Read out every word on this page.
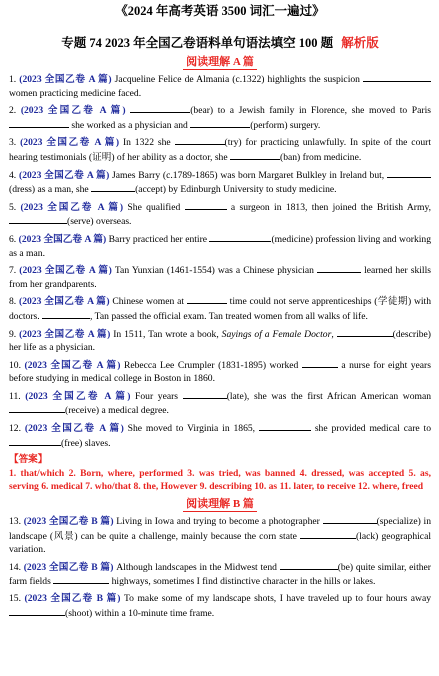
《2024 年高考英语 3500 词汇一遍过》
专题 74 2023 年全国乙卷语料单句语法填空 100 题 解析版
阅读理解 A 篇

1. (2023 全国乙卷 A 篇) Jacqueline Felice de Almania (c.1322) highlights the suspicion  women practicing medicine faced.

2. (2023 全国乙卷 A 篇)	(bear) to a Jewish family in Florence, she moved to Paris  she worked as a physician and	(perform) surgery.

3. (2023 全国乙卷 A 篇) In 1322 she	(try) for practicing unlawfully. In spite of the court hearing testimonials (证明) of her ability as a doctor, she	(ban) from medicine.

4. (2023 全国乙卷 A 篇) James Barry (c.1789-1865) was born Margaret Bulkley in Ireland but, (dress) as a man, she	(accept) by Edinburgh University to study medicine.

5. (2023 全国乙卷 A 篇) She qualified	a surgeon in 1813, then joined the British Army, (serve) overseas.

6. (2023 全国乙卷 A 篇) Barry practiced her entire	(medicine) profession living and working as a man.

7. (2023 全国乙卷 A 篇) Tan Yunxian (1461-1554) was a Chinese physician	learned her skills from her grandparents.

8. (2023 全国乙卷 A 篇) Chinese women at	time could not serve apprenticeships (学徒期) with doctors.	, Tan passed the official exam. Tan treated women from all walks of life.

9. (2023 全国乙卷 A 篇) In 1511, Tan wrote a book, Sayings of a Female Doctor,	(describe) her life as a physician.

10. (2023 全国乙卷 A 篇) Rebecca Lee Crumpler (1831-1895) worked	a nurse for eight years before studying in medical college in Boston in 1860.

11. (2023 全国乙卷 A 篇) Four years	(late), she was the first African American woman (receive) a medical degree.

12. (2023 全国乙卷 A 篇) She moved to Virginia in 1865,	she provided medical care to (free) slaves.

【答案】

1. that/which 2. Born, where, performed 3. was tried, was banned 4. dressed, was accepted 5. as, serving 6. medical 7. who/that 8. the, However 9. describing 10. as 11. later, to receive 12. where, freed

阅读理解 B 篇

13. (2023 全国乙卷 B 篇) Living in Iowa and trying to become a photographer	(specialize) in landscape (风景) can be quite a challenge, mainly because the corn state	(lack) geographical variation.

14. (2023 全国乙卷 B 篇) Although landscapes in the Midwest tend	(be) quite similar, either farm fields	highways, sometimes I find distinctive character in the hills or lakes.

15. (2023 全国乙卷 B 篇) To make some of my landscape shots, I have traveled up to four hours away (shoot) within a 10-minute time frame.
